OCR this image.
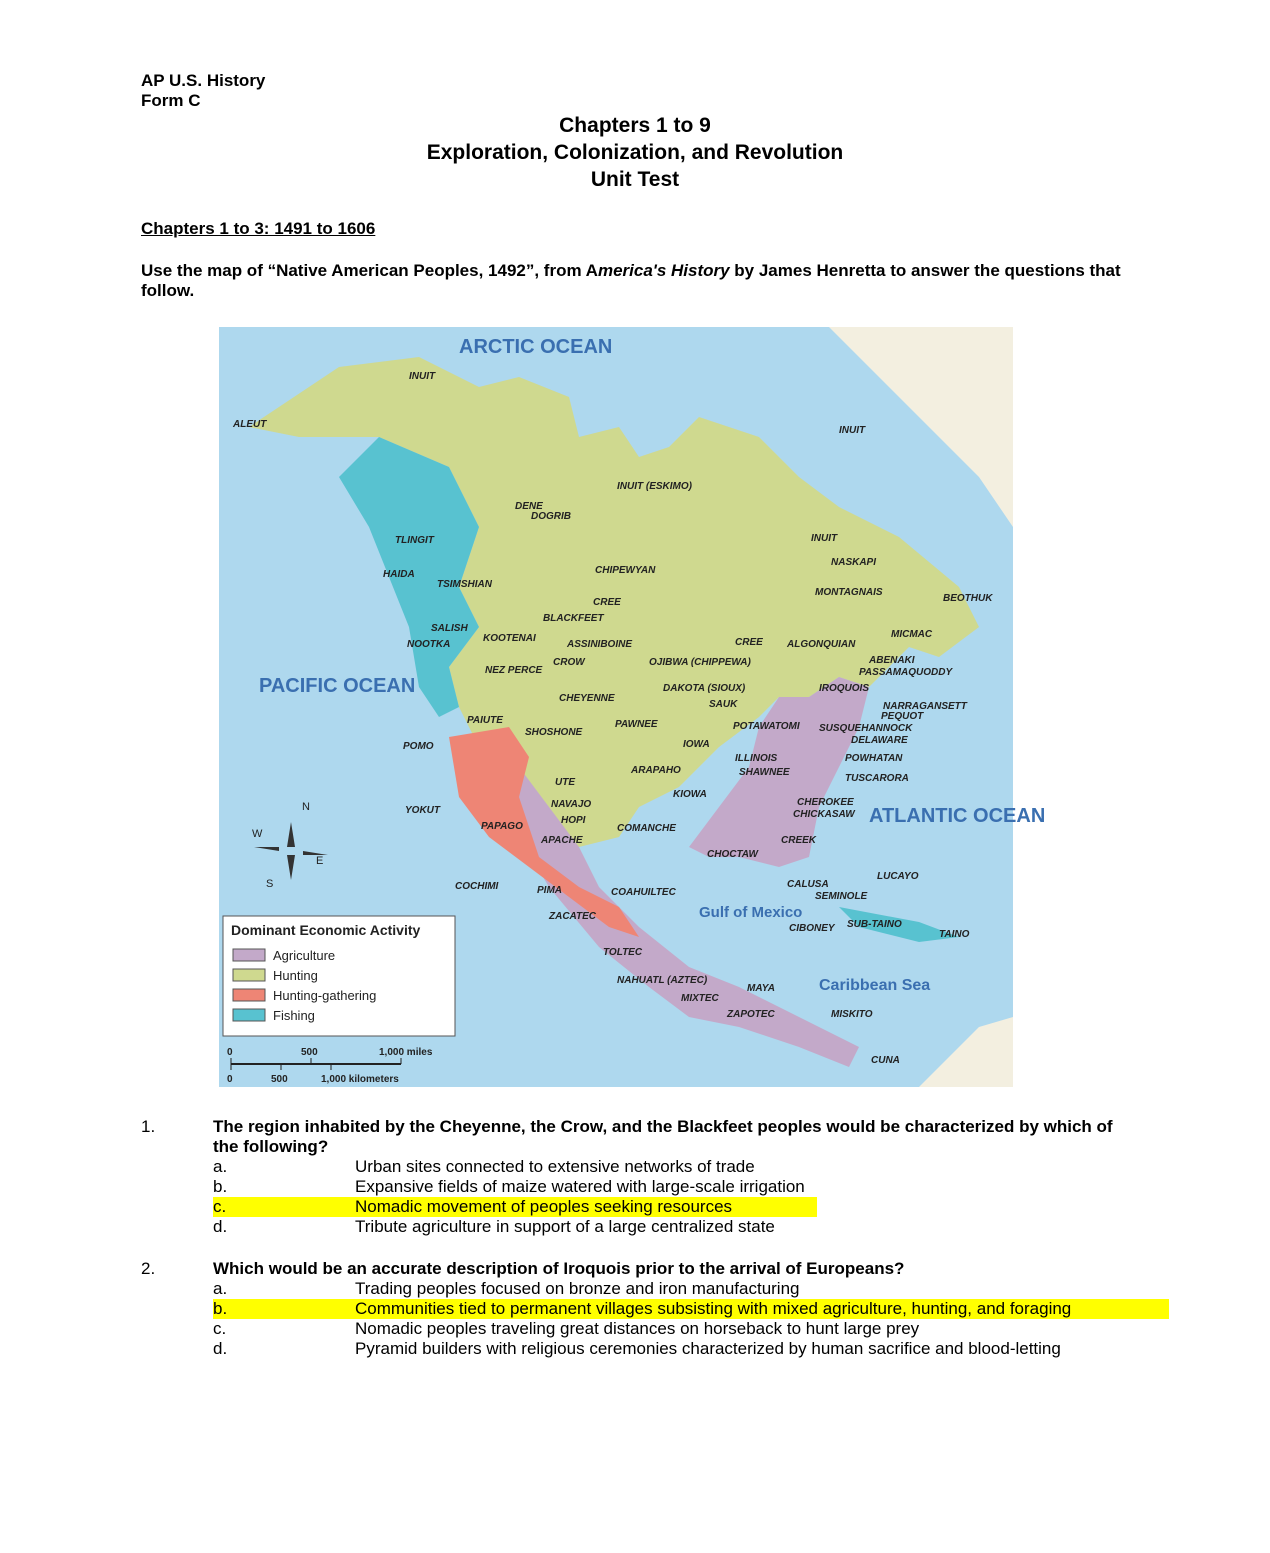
AP U.S. History
Form C
Chapters 1 to 9
Exploration, Colonization, and Revolution
Unit Test
Chapters 1 to 3: 1491 to 1606
Use the map of “Native American Peoples, 1492”, from America's History by James Henretta to answer the questions that follow.
ARCTIC OCEAN
PACIFIC OCEAN
ATLANTIC OCEAN
Gulf of Mexico
Caribbean Sea
INUIT
ALEUT
INUIT
INUIT (ESKIMO)
DENE
TLINGIT
DOGRIB
HAIDA
TSIMSHIAN
CHIPEWYAN
INUIT
NASKAPI
MONTAGNAIS
BEOTHUK
CREE
BLACKFEET
SALISH
KOOTENAI
ASSINIBOINE
NOOTKA	CREE ALGONQUIAN
MICMAC
ABENAKI
PASSAMAQUODDY
NEZ PERCE
CROW	OJIBWA (CHIPPEWA)
IROQUOIS
CHEYENNE
DAKOTA (SIOUX)
SAUK	NARRAGANSETT
PEQUOT
PAIUTE	PAWNEE	POTAWATOMI SUSQUEHANNOCK
DELAWARE
SHOSHONE
IOWA
POWHATAN
POMO
UTE
ARAPAHO
ILLINOIS
SHAWNEE
TUSCARORA
YOKUT
NAVAJO
KIOWA
CHEROKEE
HOPI
CHICKASAW
PAPAGO
APACHE
COMANCHE
CREEK
CHOCTAW
COCHIMI	PIMA	COAHUILTEC
CALUSA
SEMINOLE
LUCAYO
ZACATEC
CIBONEY SUB-TAINO
TAINO
TOLTEC
NAHUATL (AZTEC)
MAYA
MIXTEC
ZAPOTEC	MISKITO
CUNA
N
E
S
W
Dominant Economic Activity
Agriculture
Hunting
Hunting-gathering
Fishing
0	500	1,000 miles
0	500	1,000 kilometers
1.	The region inhabited by the Cheyenne, the Crow, and the Blackfeet peoples would be characterized by which of the following?
a.	Urban sites connected to extensive networks of trade
b.	Expansive fields of maize watered with large-scale irrigation
c.	Nomadic movement of peoples seeking resources
d.	Tribute agriculture in support of a large centralized state
2.	Which would be an accurate description of Iroquois prior to the arrival of Europeans?
a.	Trading peoples focused on bronze and iron manufacturing
b.	Communities tied to permanent villages subsisting with mixed agriculture, hunting, and foraging
c.	Nomadic peoples traveling great distances on horseback to hunt large prey
d.	Pyramid builders with religious ceremonies characterized by human sacrifice and blood-letting
